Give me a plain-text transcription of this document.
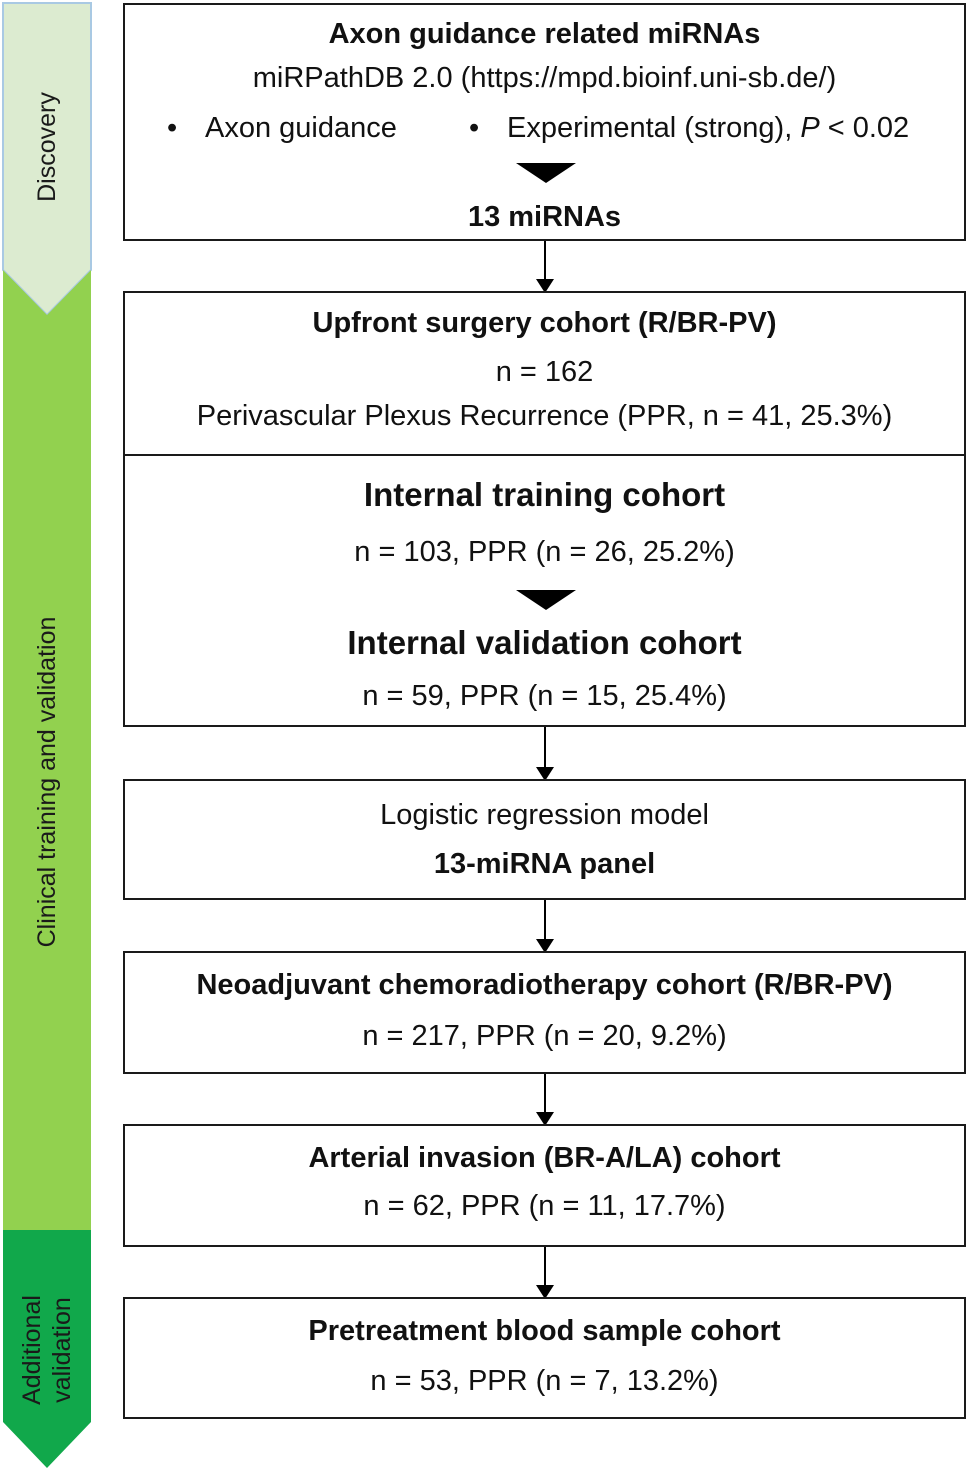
Discovery
Clinical training and validation
Additional validation
Axon guidance related miRNAs
miRPathDB 2.0 (https://mpd.bioinf.uni-sb.de/)
• Axon guidance • Experimental (strong), P < 0.02
13 miRNAs
Upfront surgery cohort (R/BR-PV)
n = 162
Perivascular Plexus Recurrence (PPR, n = 41, 25.3%)
Internal training cohort
n = 103, PPR (n = 26, 25.2%)
Internal validation cohort
n = 59, PPR (n = 15, 25.4%)
Logistic regression model
13-miRNA panel
Neoadjuvant chemoradiotherapy cohort (R/BR-PV)
n = 217, PPR (n = 20, 9.2%)
Arterial invasion (BR-A/LA) cohort
n = 62, PPR (n = 11, 17.7%)
Pretreatment blood sample cohort
n = 53, PPR (n = 7, 13.2%)
